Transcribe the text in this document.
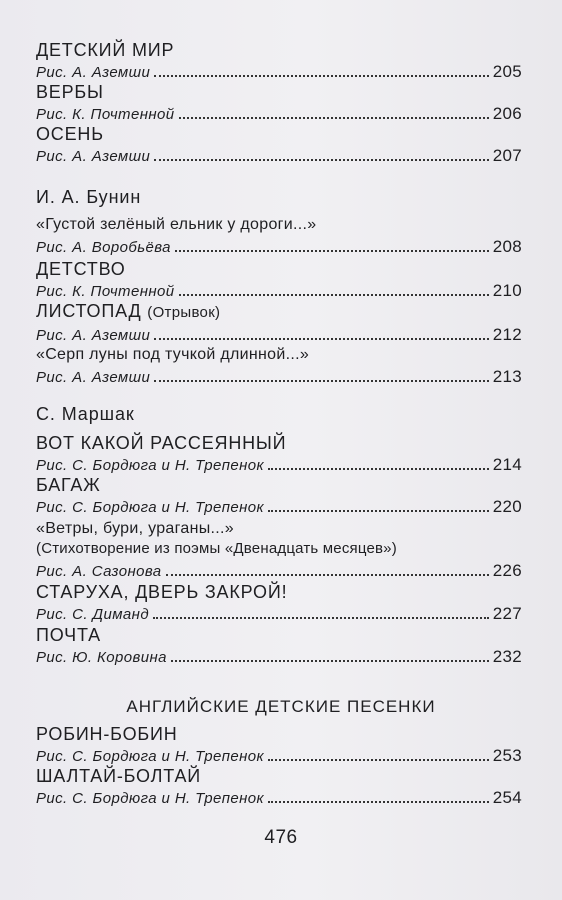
ДЕТСКИЙ МИР
Рис. А. Аземши	205
ВЕРБЫ
Рис. К. Почтенной	206
ОСЕНЬ
Рис. А. Аземши	207
И. А. Бунин
«Густой зелёный ельник у дороги...»
Рис. А. Воробьёва	208
ДЕТСТВО
Рис. К. Почтенной	210
ЛИСТОПАД (Отрывок)
Рис. А. Аземши	212
«Серп луны под тучкой длинной...»
Рис. А. Аземши	213
С. Маршак
ВОТ КАКОЙ РАССЕЯННЫЙ
Рис. С. Бордюга и Н. Трепенок	214
БАГАЖ
Рис. С. Бордюга и Н. Трепенок	220
«Ветры, бури, ураганы...»
(Стихотворение из поэмы «Двенадцать месяцев»)
Рис. А. Сазонова	226
СТАРУХА, ДВЕРЬ ЗАКРОЙ!
Рис. С. Диманд	227
ПОЧТА
Рис. Ю. Коровина	232
АНГЛИЙСКИЕ ДЕТСКИЕ ПЕСЕНКИ
РОБИН-БОБИН
Рис. С. Бордюга и Н. Трепенок	253
ШАЛТАЙ-БОЛТАЙ
Рис. С. Бордюга и Н. Трепенок	254
476
